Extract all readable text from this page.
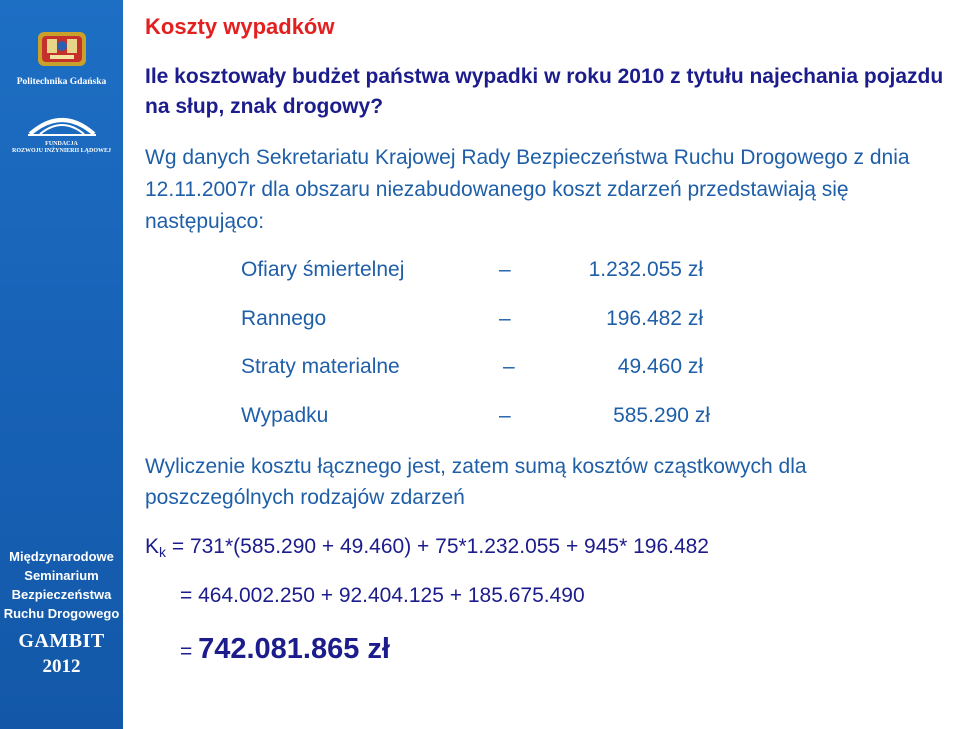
Politechnika Gdańska
FUNDACJA
ROZWOJU INŻYNIERII LĄDOWEJ
Międzynarodowe
Seminarium
Bezpieczeństwa
Ruchu Drogowego
GAMBIT
2012
Koszty wypadków
Ile kosztowały budżet państwa wypadki w roku 2010 z tytułu najechania pojazdu na słup, znak drogowy?
Wg danych Sekretariatu Krajowej Rady Bezpieczeństwa Ruchu Drogowego z dnia 12.11.2007r dla obszaru niezabudowanego koszt zdarzeń przedstawiają się następująco:
Ofiary śmiertelnej	–	1.232.055 zł
Rannego	–	196.482 zł
Straty materialne	–	49.460 zł
Wypadku	–	585.290 zł
Wyliczenie kosztu łącznego jest, zatem sumą kosztów cząstkowych dla poszczególnych rodzajów zdarzeń
$K_k = 731*(585.290 + 49.460) + 75*1.232.055 + 945*$ 196.482
= 464.002.250 + 92.404.125 + 185.675.490
= 742.081.865 zł
